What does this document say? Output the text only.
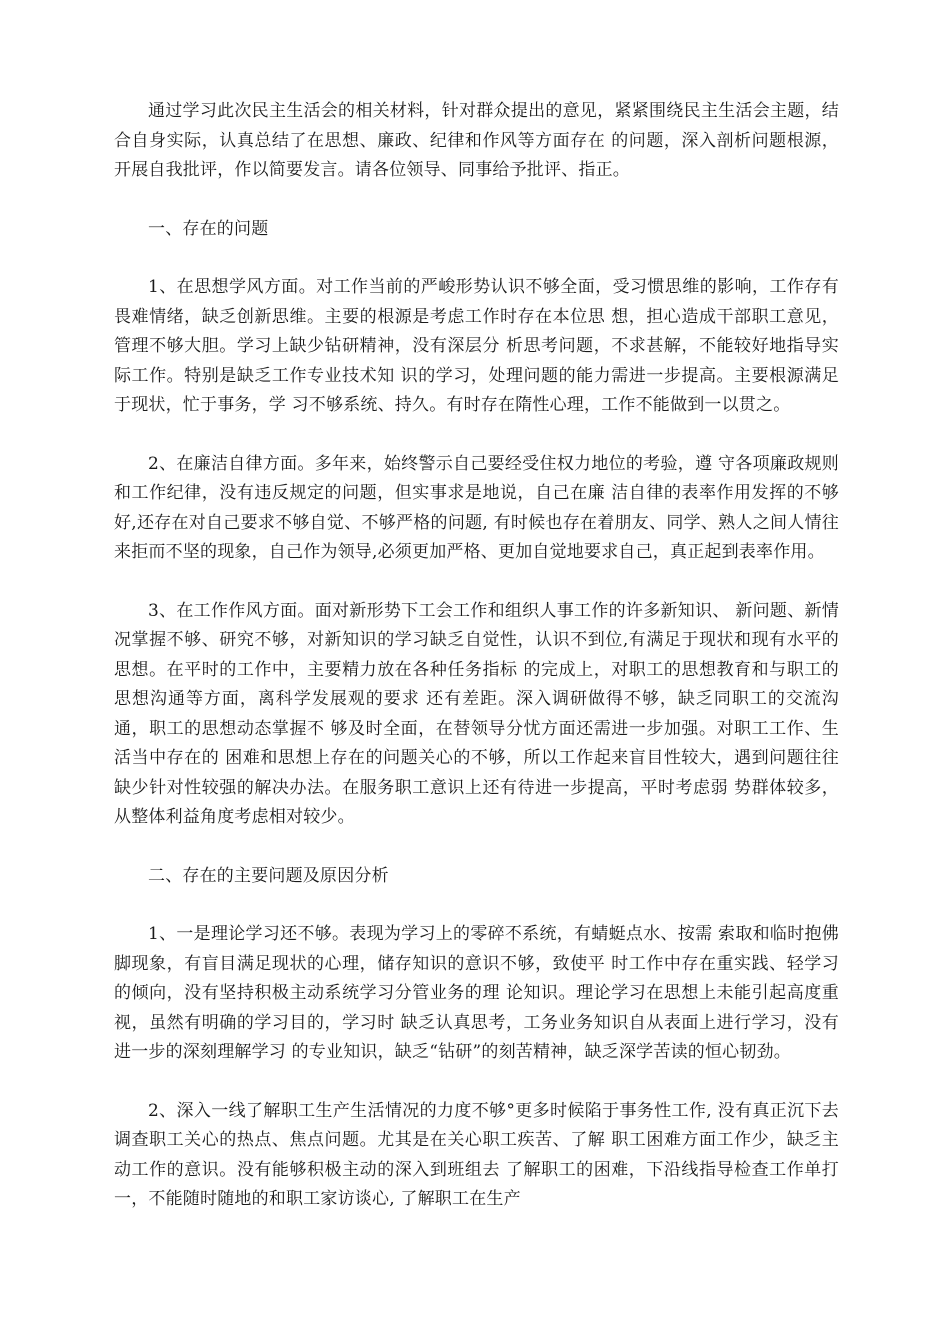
通过学习此次民主生活会的相关材料，针对群众提出的意见，紧紧围绕民主生活会主题，结合自身实际，认真总结了在思想、廉政、纪律和作风等方面存在 的问题，深入剖析问题根源，开展自我批评，作以简要发言。请各位领导、同事给予批评、指正。

一、存在的问题

1、在思想学风方面。对工作当前的严峻形势认识不够全面，受习惯思维的影响，工作存有畏难情绪，缺乏创新思维。主要的根源是考虑工作时存在本位思 想，担心造成干部职工意见，管理不够大胆。学习上缺少钻研精神，没有深层分 析思考问题，不求甚解，不能较好地指导实际工作。特别是缺乏工作专业技术知 识的学习，处理问题的能力需进一步提高。主要根源满足于现状，忙于事务，学 习不够系统、持久。有时存在隋性心理，工作不能做到一以贯之。

2、在廉洁自律方面。多年来，始终警示自己要经受住权力地位的考验，遵 守各项廉政规则和工作纪律，没有违反规定的问题，但实事求是地说，自己在廉 洁自律的表率作用发挥的不够好,还存在对自己要求不够自觉、不够严格的问题, 有时候也存在着朋友、同学、熟人之间人情往来拒而不坚的现象，自己作为领导,必须更加严格、更加自觉地要求自己，真正起到表率作用。

3、在工作作风方面。面对新形势下工会工作和组织人事工作的许多新知识、 新问题、新情况掌握不够、研究不够，对新知识的学习缺乏自觉性，认识不到位,有满足于现状和现有水平的思想。在平时的工作中，主要精力放在各种任务指标 的完成上，对职工的思想教育和与职工的思想沟通等方面，离科学发展观的要求 还有差距。深入调研做得不够，缺乏同职工的交流沟通，职工的思想动态掌握不 够及时全面，在替领导分忧方面还需进一步加强。对职工工作、生活当中存在的 困难和思想上存在的问题关心的不够，所以工作起来盲目性较大，遇到问题往往 缺少针对性较强的解决办法。在服务职工意识上还有待进一步提高，平时考虑弱 势群体较多，从整体利益角度考虑相对较少。

二、存在的主要问题及原因分析

1、一是理论学习还不够。表现为学习上的零碎不系统，有蜻蜓点水、按需 索取和临时抱佛脚现象，有盲目满足现状的心理，储存知识的意识不够，致使平 时工作中存在重实践、轻学习的倾向，没有坚持积极主动系统学习分管业务的理 论知识。理论学习在思想上未能引起高度重视，虽然有明确的学习目的，学习时 缺乏认真思考，工务业务知识自从表面上进行学习，没有进一步的深刻理解学习 的专业知识，缺乏“钻研”的刻苦精神，缺乏深学苦读的恒心韧劲。

2、深入一线了解职工生产生活情况的力度不够°更多时候陷于事务性工作, 没有真正沉下去调查职工关心的热点、焦点问题。尤其是在关心职工疾苦、了解 职工困难方面工作少，缺乏主动工作的意识。没有能够积极主动的深入到班组去 了解职工的困难，下沿线指导检查工作单打一，不能随时随地的和职工家访谈心, 了解职工在生产
